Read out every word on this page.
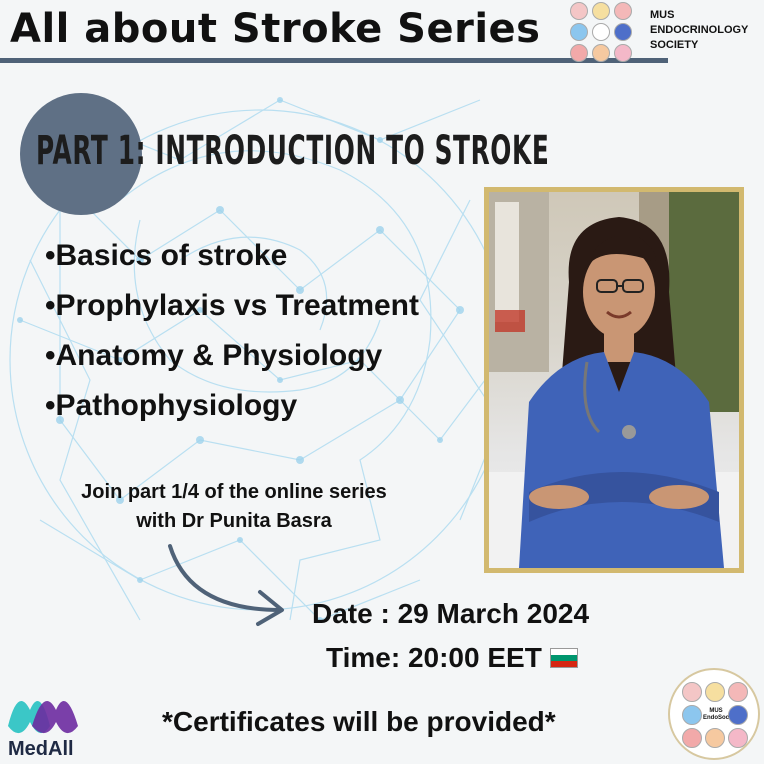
All about Stroke Series	MUS
ENDOCRINOLOGY
SOCIETY
PART 1: INTRODUCTION TO STROKE
•Basics of stroke
•Prophylaxis vs Treatment
•Anatomy & Physiology
•Pathophysiology
Join part 1/4 of the online series
with Dr Punita Basra
Date : 29 March 2024
Time: 20:00 EET
*Certificates will be provided*
MedAll
MUS
EndoSoc
